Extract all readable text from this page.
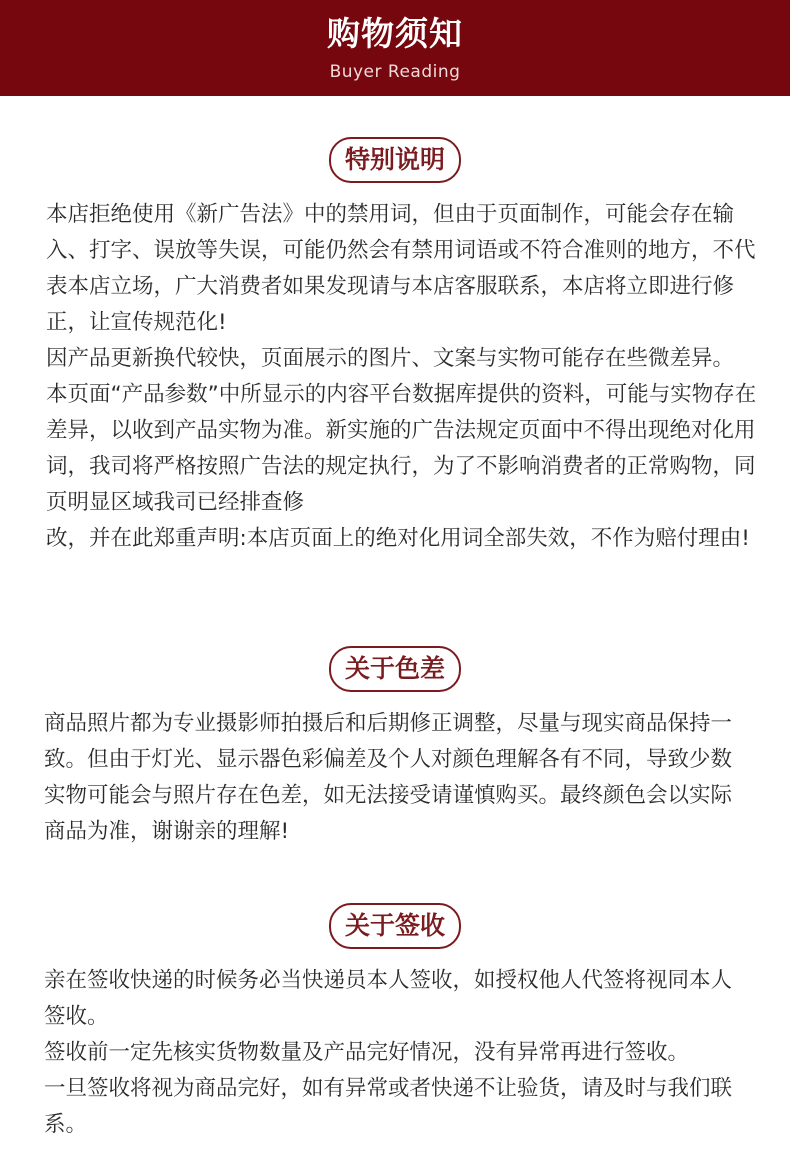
购物须知
Buyer Reading
特别说明

本店拒绝使用《新广告法》中的禁用词，但由于页面制作，可能会存在输入、打字、误放等失误，可能仍然会有禁用词语或不符合准则的地方，不代表本店立场，广大消费者如果发现请与本店客服联系，本店将立即进行修正，让宣传规范化!

因产品更新换代较快，页面展示的图片、文案与实物可能存在些微差异。

本页面“产品参数”中所显示的内容平台数据库提供的资料，可能与实物存在差异，以收到产品实物为准。新实施的广告法规定页面中不得出现绝对化用词，我司将严格按照广告法的规定执行，为了不影响消费者的正常购物，同页明显区域我司已经排查修

改，并在此郑重声明:本店页面上的绝对化用词全部失效，不作为赔付理由!

关于色差

商品照片都为专业摄影师拍摄后和后期修正调整，尽量与现实商品保持一致。但由于灯光、显示器色彩偏差及个人对颜色理解各有不同，导致少数实物可能会与照片存在色差，如无法接受请谨慎购买。最终颜色会以实际商品为准，谢谢亲的理解!

关于签收

亲在签收快递的时候务必当快递员本人签收，如授权他人代签将视同本人签收。

签收前一定先核实货物数量及产品完好情况，没有异常再进行签收。

一旦签收将视为商品完好，如有异常或者快递不让验货，请及时与我们联系。
